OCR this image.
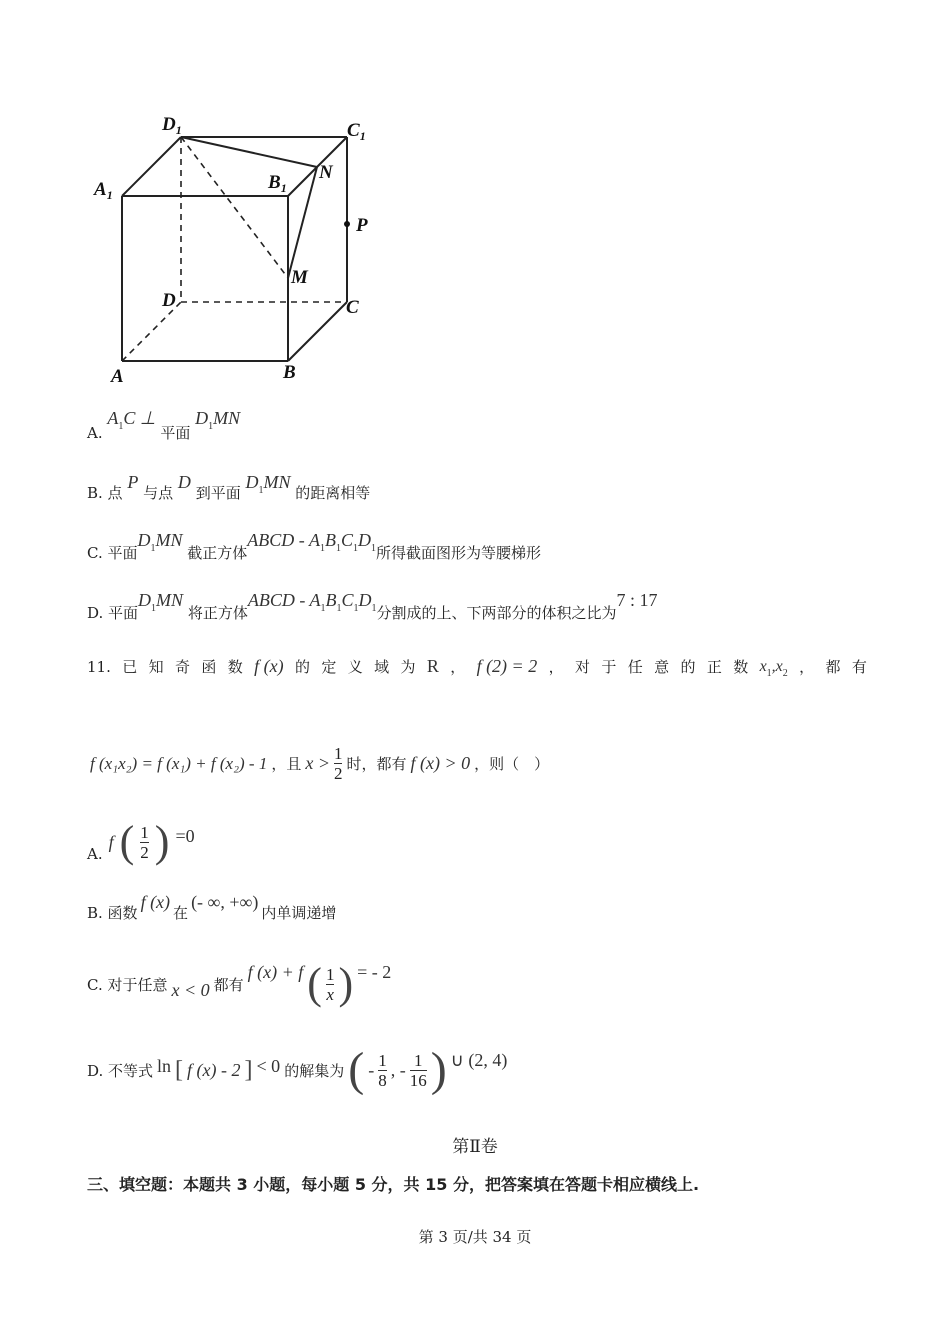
$D_1$	$C_1$
$A_1$
$B_1$
N
P
M
D	C
A	B
A. $A_1C$ ⊥ 平面 $D_1MN$
B. 点 P 与点 D 到平面 $D_1MN$ 的距离相等
C. 平面$D_1MN$ 截正方体ABCD - $A_1B_1C_1D_1$所得截面图形为等腰梯形
D. 平面$D_1MN$ 将正方体ABCD - $A_1B_1C_1D_1$分割成的上、下两部分的体积之比为7 : 17
11. 已 知 奇 函 数 f (x) 的 定 义 域 为 R ， f (2) = 2 ， 对 于 任 意 的 正 数 $x_1,x_2$ ， 都 有
f (x₁x₂) = f (x₁) + f (x₂) - 1 ，且 $x > \frac{1}{2}$ 时，都有 f (x) > 0 ，则（　）
A.
f ( $\frac{1}{2}$ ) =0
B. 函数
f (x)
在
(- ∞, +∞)
内单调递增
C. 对于任意 x < 0 都有
f (x) + f ( $\frac{1}{x}$ ) = - 2
D. 不等式 ln [ f (x) - 2 ] < 0 的解集为 ( - $\frac{1}{8}$ , - $\frac{1}{16}$ ) ∪ (2, 4)
第Ⅱ卷
三、填空题：本题共 3 小题，每小题 5 分，共 15 分，把答案填在答题卡相应横线上.
第 3 页/共 34 页
